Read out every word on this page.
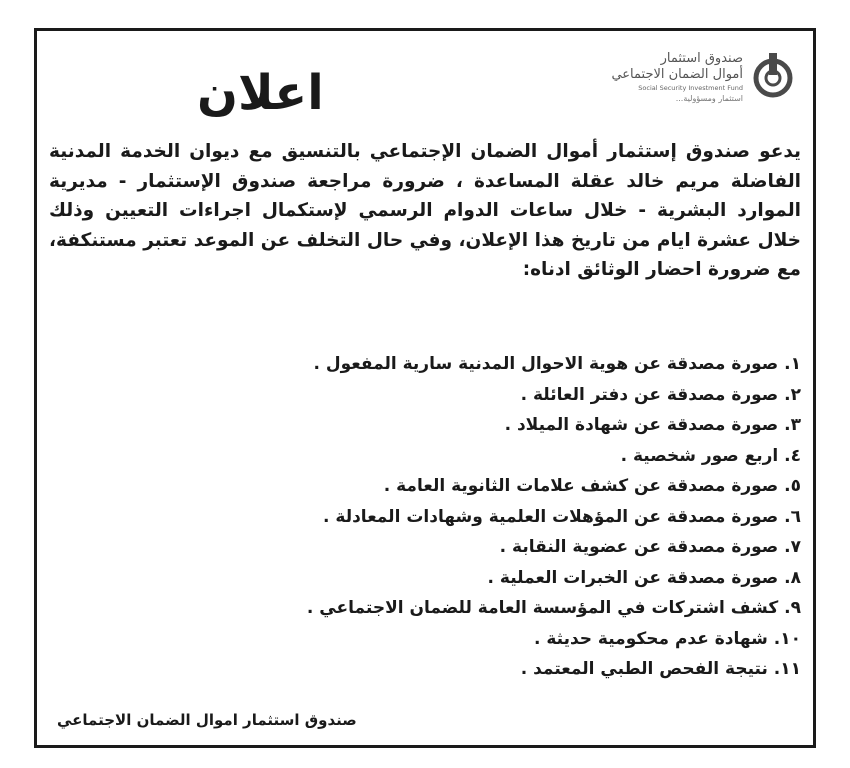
صندوق استثمار
أموال الضمان الاجتماعي
Social Security Investment Fund
استثمار ومسؤولية...
اعلان

يدعو صندوق إستثمار أموال الضمان الإجتماعي بالتنسيق مع ديوان الخدمة المدنية الفاضلة مريم خالد عقلة المساعدة ، ضرورة مراجعة صندوق الإستثمار - مديرية الموارد البشرية - خلال ساعات الدوام الرسمي لإستكمال اجراءات التعيين وذلك خلال عشرة ايام من تاريخ هذا الإعلان، وفي حال التخلف عن الموعد تعتبر مستنكفة، مع ضرورة احضار الوثائق ادناه:

١. صورة مصدقة عن هوية الاحوال المدنية سارية المفعول .
٢. صورة مصدقة عن دفتر العائلة .
٣. صورة مصدقة عن شهادة الميلاد .
٤. اربع صور شخصية .
٥. صورة مصدقة عن كشف علامات الثانوية العامة .
٦. صورة مصدقة عن المؤهلات العلمية وشهادات المعادلة .
٧. صورة مصدقة عن عضوية النقابة .
٨. صورة مصدقة عن الخبرات العملية .
٩. كشف اشتركات في المؤسسة العامة للضمان الاجتماعي .
١٠. شهادة عدم محكومية حديثة .
١١. نتيجة الفحص الطبي المعتمد .
صندوق استثمار اموال الضمان الاجتماعي
